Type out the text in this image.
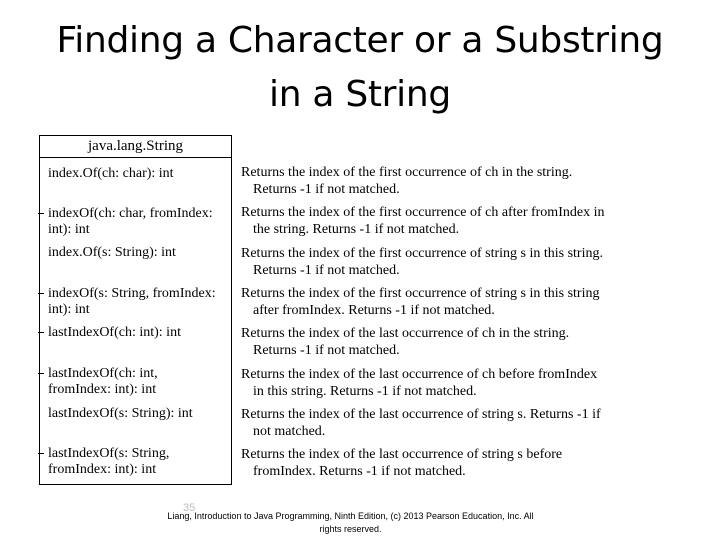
Finding a Character or a Substring
in a String
java.lang.String
index.Of(ch: char): int
indexOf(ch: char, fromIndex:
int): int
index.Of(s: String): int
indexOf(s: String, fromIndex:
int): int
lastIndexOf(ch: int): int
lastIndexOf(ch: int,
fromIndex: int): int
lastIndexOf(s: String): int
lastIndexOf(s: String,
fromIndex: int): int
Returns the index of the first occurrence of ch in the string.
Returns -1 if not matched.
Returns the index of the first occurrence of ch after fromIndex in
the string. Returns -1 if not matched.
Returns the index of the first occurrence of string s in this string.
Returns -1 if not matched.
Returns the index of the first occurrence of string s in this string
after fromIndex. Returns -1 if not matched.
Returns the index of the last occurrence of ch in the string.
Returns -1 if not matched.
Returns the index of the last occurrence of ch before fromIndex
in this string. Returns -1 if not matched.
Returns the index of the last occurrence of string s. Returns -1 if
not matched.
Returns the index of the last occurrence of string s before
fromIndex. Returns -1 if not matched.
35
Liang, Introduction to Java Programming, Ninth Edition, (c) 2013 Pearson Education, Inc. All
rights reserved.
